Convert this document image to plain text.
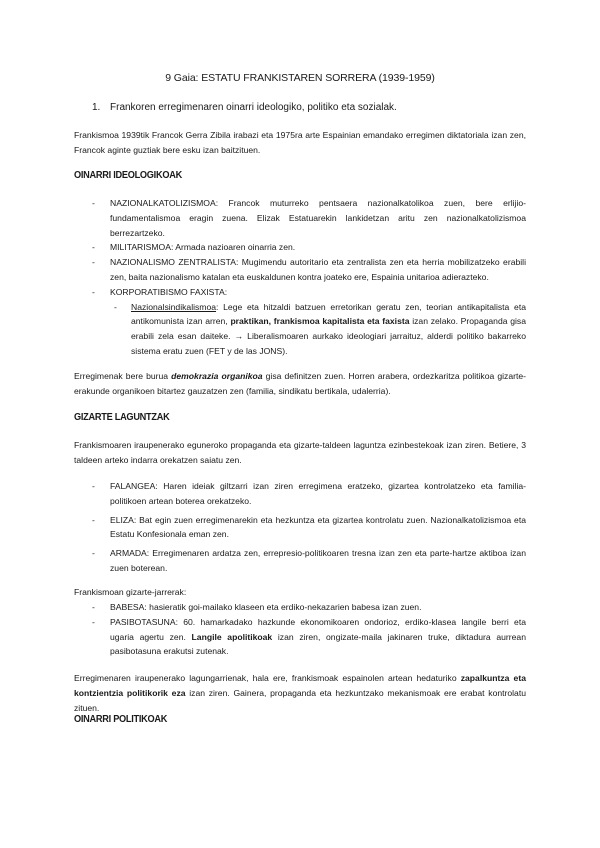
9 Gaia: ESTATU FRANKISTAREN SORRERA (1939-1959)
1. Frankoren erregimenaren oinarri ideologiko, politiko eta sozialak.

Frankismoa 1939tik Francok Gerra Zibila irabazi eta 1975ra arte Espainian emandako erregimen diktatoriala izan zen, Francok aginte guztiak bere esku izan baitzituen.

OINARRI IDEOLOGIKOAK

- NAZIONALKATOLIZISMOA: Francok muturreko pentsaera nazionalkatolikoa zuen, bere erlijio-fundamentalismoa eragin zuena. Elizak Estatuarekin lankidetzan aritu zen nazionalkatolizismoa berrezartzeko.

- MILITARISMOA: Armada nazioaren oinarria zen.

- NAZIONALISMO ZENTRALISTA: Mugimendu autoritario eta zentralista zen eta herria mobilizatzeko erabili zen, baita nazionalismo katalan eta euskaldunen kontra joateko ere, Espainia unitarioa adierazteko.

- KORPORATIBISMO FAXISTA:

- Nazionalsindikalismoa: Lege eta hitzaldi batzuen erretorikan geratu zen, teorian antikapitalista eta antikomunista izan arren, praktikan, frankismoa kapitalista eta faxista izan zelako. Propaganda gisa erabili zela esan daiteke. → Liberalismoaren aurkako ideologiari jarraituz, alderdi politiko bakarreko sistema eratu zuen (FET y de las JONS).

Erregimenak bere burua demokrazia organikoa gisa definitzen zuen. Horren arabera, ordezkaritza politikoa gizarte-erakunde organikoen bitartez gauzatzen zen (familia, sindikatu bertikala, udalerria).

GIZARTE LAGUNTZAK

Frankismoaren iraupenerako egunerokо propaganda eta gizarte-taldeen laguntza ezinbestekoak izan ziren. Betiere, 3 taldeen arteko indarra orekatzen saiatu zen.

- FALANGEA: Haren ideiak giltzarri izan ziren erregimena eratzeko, gizartea kontrolatzeko eta familia-politikoen artean boterea orekatzeko.

- ELIZA: Bat egin zuen erregimenarekin eta hezkuntza eta gizartea kontrolatu zuen. Nazionalkatolizismoa eta Estatu Konfesionala eman zen.

- ARMADA: Erregimenaren ardatza zen, errepresio-politikoaren tresna izan zen eta parte-hartze aktiboa izan zuen boterean.

Frankismoan gizarte-jarrerak:

- BABESA: hasieratik goi-mailako klaseen eta erdiko-nekazarien babesa izan zuen.

- PASIBOTASUNA: 60. hamarkadako hazkunde ekonomikoaren ondorioz, erdiko-klasea langile berri eta ugaria agertu zen. Langile apolitikoak izan ziren, ongizate-maila jakinaren truke, diktadura aurrean pasibotasuna erakutsi zutenak.

Erregimenaren iraupenerako lagungarrienak, hala ere, frankismoak espainolen artean hedaturiko zapalkuntza eta kontzientzia politikorik eza izan ziren. Gainera, propaganda eta hezkuntzako mekanismoak ere erabat kontrolatu zituen.

OINARRI POLITIKOAK
